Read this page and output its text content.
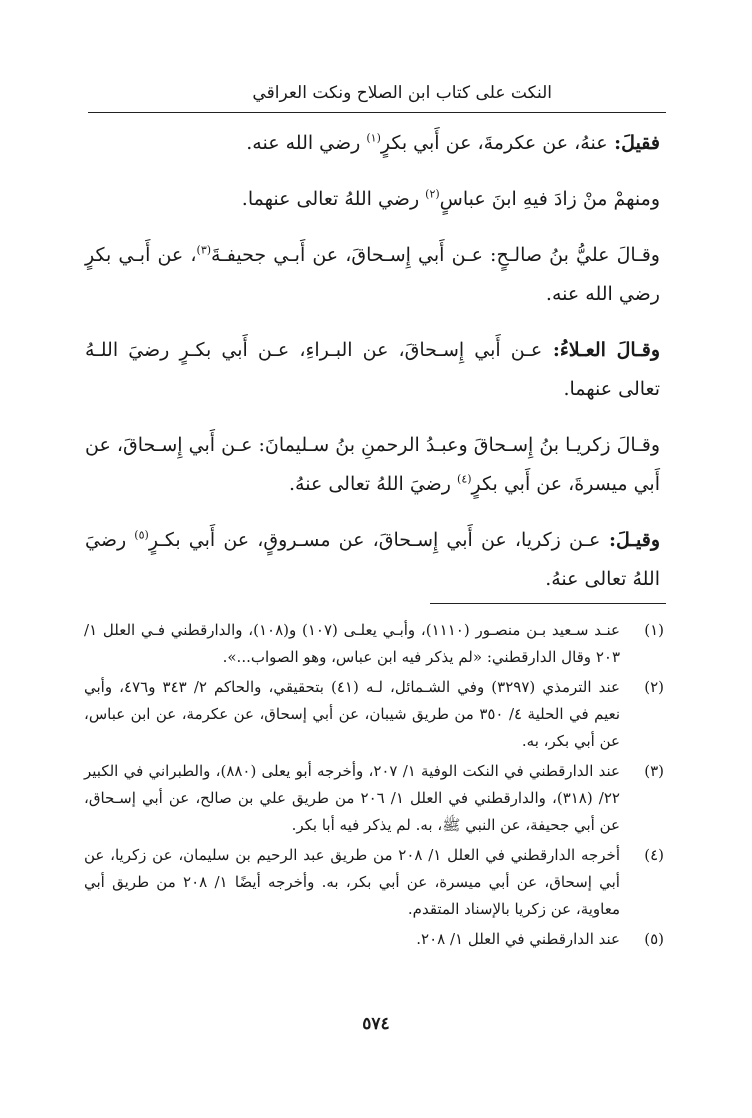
النكت على كتاب ابن الصلاح ونكت العراقي

فقيلَ: عنهُ، عن عكرمةَ، عن أَبي بكرٍ$^{(١)}$ رضي الله عنه.

ومنهمْ منْ زادَ فيهِ ابنَ عباسٍ$^{(٢)}$ رضي اللهُ تعالى عنهما.

وقـالَ عليُّ بنُ صالـحٍ: عـن أَبي إِسـحاقَ، عن أَبـي جحيفـةَ$^{(٣)}$، عن أَبـي بكرٍ رضي الله عنه.

وقـالَ العـلاءُ: عـن أَبي إِسـحاقَ، عن البـراءِ، عـن أَبي بكـرٍ رضيَ اللـهُ تعالى عنهما.

وقـالَ زكريـا بنُ إِسـحاقَ وعبـدُ الرحمنِ بنُ سـليمانَ: عـن أَبي إِسـحاقَ، عن أَبي ميسرةَ، عن أَبي بكرٍ$^{(٤)}$ رضيَ اللهُ تعالى عنهُ.

وقيـلَ: عـن زكريا، عن أَبي إِسـحاقَ، عن مسـروقٍ، عن أَبي بكـرٍ$^{(٥)}$ رضيَ اللهُ تعالى عنهُ.

(١)
عنـد سـعيد بـن منصـور (١١١٠)، وأبـي يعلـى (١٠٧) و(١٠٨)، والدارقطني فـي العلل ١/ ٢٠٣ وقال الدارقطني: «لم يذكر فيه ابن عباس، وهو الصواب...».
(٢)
عند الترمذي (٣٢٩٧) وفي الشـمائل، لـه (٤١) بتحقيقي، والحاكم ٢/ ٣٤٣ و٤٧٦، وأبي نعيم في الحلية ٤/ ٣٥٠ من طريق شيبان، عن أبي إسحاق، عن عكرمة، عن ابن عباس، عن أبي بكر، به.
(٣)
عند الدارقطني في النكت الوفية ١/ ٢٠٧، وأخرجه أبو يعلى (٨٨٠)، والطبراني في الكبير ٢٢/ (٣١٨)، والدارقطني في العلل ١/ ٢٠٦ من طريق علي بن صالح، عن أبي إسـحاق، عن أبي جحيفة، عن النبي ﷺ، به. لم يذكر فيه أبا بكر.
(٤)
أخرجه الدارقطني في العلل ١/ ٢٠٨ من طريق عبد الرحيم بن سليمان، عن زكريا، عن أبي إسحاق، عن أبي ميسرة، عن أبي بكر، به. وأخرجه أيضًا ١/ ٢٠٨ من طريق أبي معاوية، عن زكريا بالإسناد المتقدم.
(٥)
عند الدارقطني في العلل ١/ ٢٠٨.
٥٧٤
